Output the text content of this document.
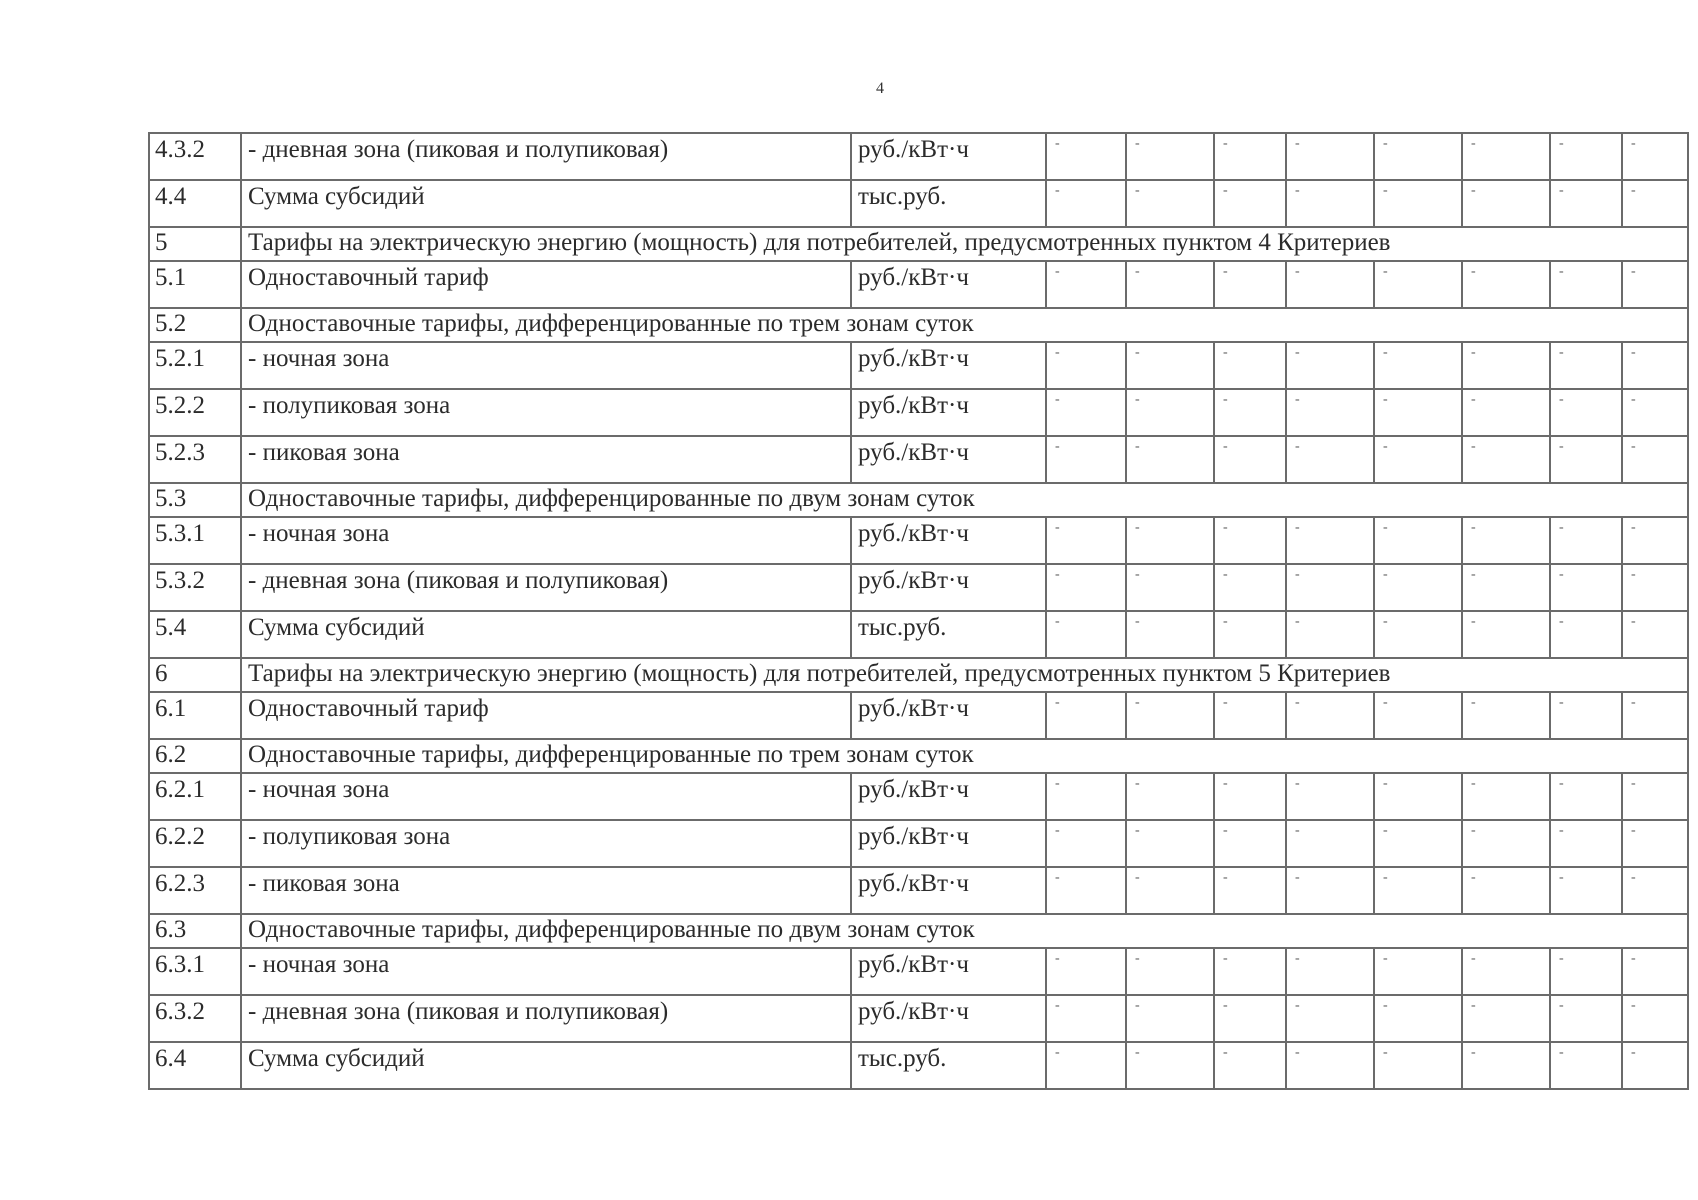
4
4.3.2	- дневная зона (пиковая и полупиковая)	руб./кВт·ч	-	-	-	-	-	-	-	-
4.4	Сумма субсидий	тыс.руб.	-	-	-	-	-	-	-	-
5	Тарифы на электрическую энергию (мощность) для потребителей, предусмотренных пунктом 4 Критериев									
5.1	Одноставочный тариф	руб./кВт·ч	-	-	-	-	-	-	-	-
5.2	Одноставочные тарифы, дифференцированные по трем зонам суток									
5.2.1	- ночная зона	руб./кВт·ч	-	-	-	-	-	-	-	-
5.2.2	- полупиковая зона	руб./кВт·ч	-	-	-	-	-	-	-	-
5.2.3	- пиковая зона	руб./кВт·ч	-	-	-	-	-	-	-	-
5.3	Одноставочные тарифы, дифференцированные по двум зонам суток									
5.3.1	- ночная зона	руб./кВт·ч	-	-	-	-	-	-	-	-
5.3.2	- дневная зона (пиковая и полупиковая)	руб./кВт·ч	-	-	-	-	-	-	-	-
5.4	Сумма субсидий	тыс.руб.	-	-	-	-	-	-	-	-
6	Тарифы на электрическую энергию (мощность) для потребителей, предусмотренных пунктом 5 Критериев									
6.1	Одноставочный тариф	руб./кВт·ч	-	-	-	-	-	-	-	-
6.2	Одноставочные тарифы, дифференцированные по трем зонам суток									
6.2.1	- ночная зона	руб./кВт·ч	-	-	-	-	-	-	-	-
6.2.2	- полупиковая зона	руб./кВт·ч	-	-	-	-	-	-	-	-
6.2.3	- пиковая зона	руб./кВт·ч	-	-	-	-	-	-	-	-
6.3	Одноставочные тарифы, дифференцированные по двум зонам суток									
6.3.1	- ночная зона	руб./кВт·ч	-	-	-	-	-	-	-	-
6.3.2	- дневная зона (пиковая и полупиковая)	руб./кВт·ч	-	-	-	-	-	-	-	-
6.4	Сумма субсидий	тыс.руб.	-	-	-	-	-	-	-	-
